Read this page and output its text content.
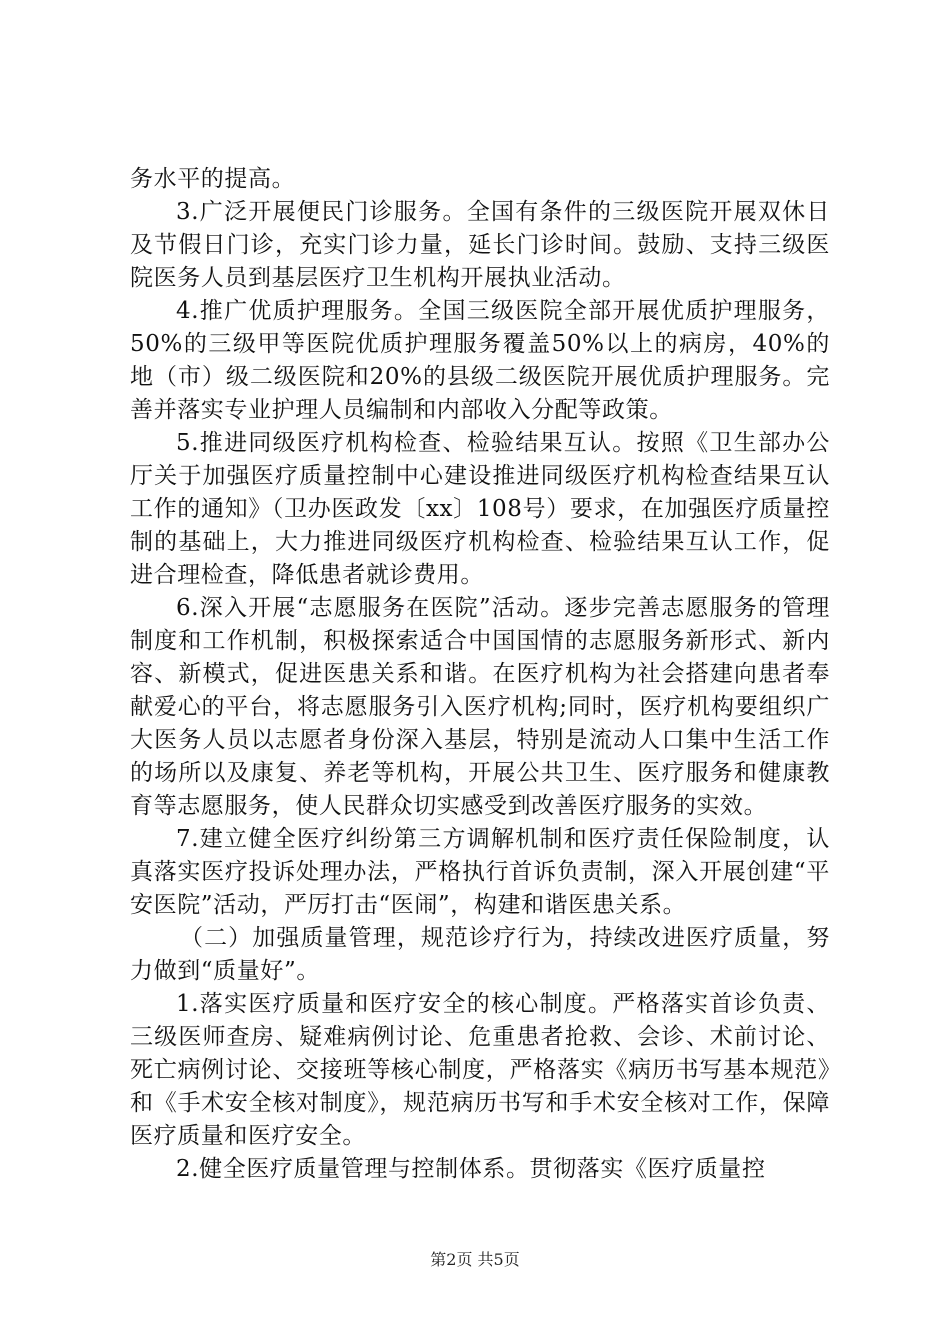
务水平的提高。

3.广泛开展便民门诊服务。全国有条件的三级医院开展双休日及节假日门诊，充实门诊力量，延长门诊时间。鼓励、支持三级医院医务人员到基层医疗卫生机构开展执业活动。

4.推广优质护理服务。全国三级医院全部开展优质护理服务，50%的三级甲等医院优质护理服务覆盖50%以上的病房，40%的地（市）级二级医院和20%的县级二级医院开展优质护理服务。完善并落实专业护理人员编制和内部收入分配等政策。

5.推进同级医疗机构检查、检验结果互认。按照《卫生部办公厅关于加强医疗质量控制中心建设推进同级医疗机构检查结果互认工作的通知》（卫办医政发〔xx〕108号）要求，在加强医疗质量控制的基础上，大力推进同级医疗机构检查、检验结果互认工作，促进合理检查，降低患者就诊费用。

6.深入开展“志愿服务在医院”活动。逐步完善志愿服务的管理制度和工作机制，积极探索适合中国国情的志愿服务新形式、新内容、新模式，促进医患关系和谐。在医疗机构为社会搭建向患者奉献爱心的平台，将志愿服务引入医疗机构;同时，医疗机构要组织广大医务人员以志愿者身份深入基层，特别是流动人口集中生活工作的场所以及康复、养老等机构，开展公共卫生、医疗服务和健康教育等志愿服务，使人民群众切实感受到改善医疗服务的实效。

7.建立健全医疗纠纷第三方调解机制和医疗责任保险制度，认真落实医疗投诉处理办法，严格执行首诉负责制，深入开展创建“平安医院”活动，严厉打击“医闹”，构建和谐医患关系。

（二）加强质量管理，规范诊疗行为，持续改进医疗质量，努力做到“质量好”。

1.落实医疗质量和医疗安全的核心制度。严格落实首诊负责、三级医师查房、疑难病例讨论、危重患者抢救、会诊、术前讨论、死亡病例讨论、交接班等核心制度，严格落实《病历书写基本规范》和《手术安全核对制度》，规范病历书写和手术安全核对工作，保障医疗质量和医疗安全。

2.健全医疗质量管理与控制体系。贯彻落实《医疗质量控

第2页 共5页
